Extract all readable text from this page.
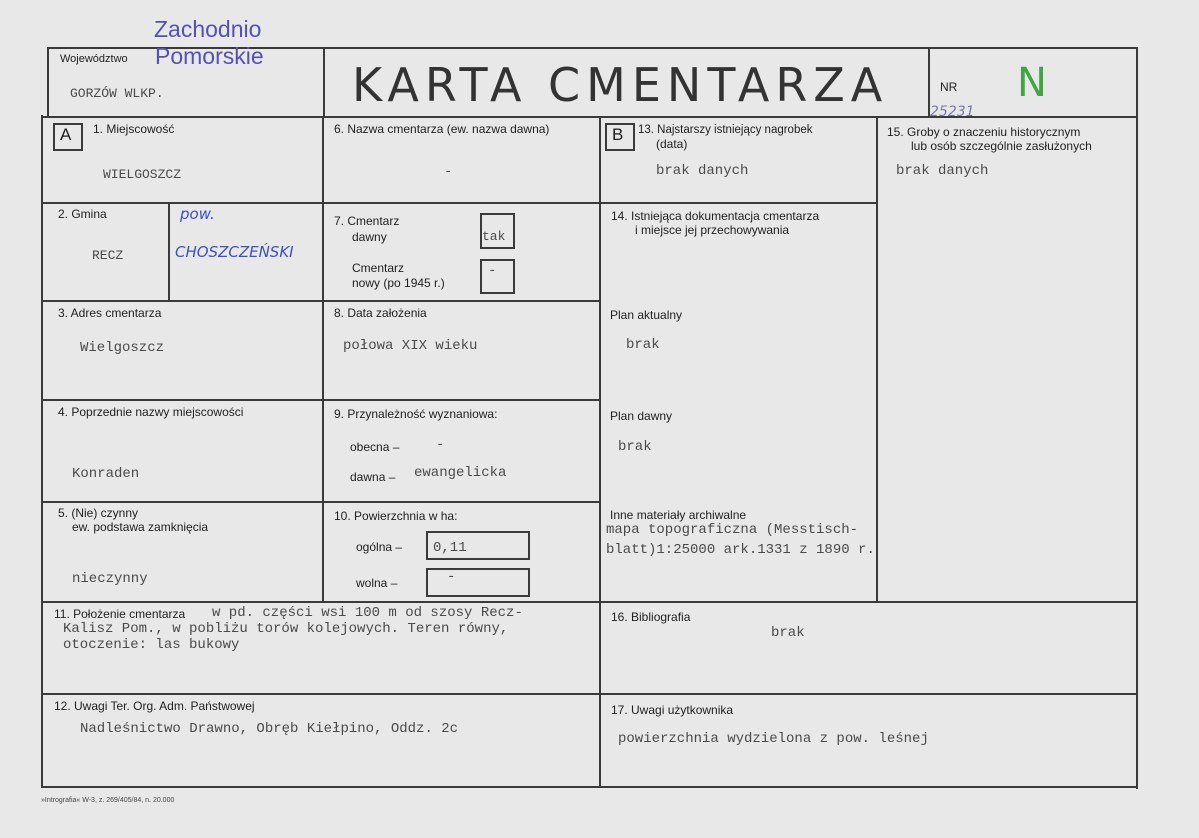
Zachodnio
Pomorskie
Województwo
GORZÓW WLKP.	KARTA CMENTARZA	NR N
25231
A 1. Miejscowość
WIELGOSZCZ
2. Gmina
RECZ
pow.
CHOSZCZEŃSKI
3. Adres cmentarza
Wielgoszcz
4. Poprzednie nazwy miejscowości
Konraden
5. (Nie) czynny
ew. podstawa zamknięcia
nieczynny
6. Nazwa cmentarza (ew. nazwa dawna)
-
7. Cmentarz
dawny	tak
Cmentarz
nowy (po 1945 r.)
-
8. Data założenia
połowa XIX wieku
9. Przynależność wyznaniowa:
obecna –	-
dawna – ewangelicka
10. Powierzchnia w ha:
ogólna – 0,11
wolna –	-
B 13. Najstarszy istniejący nagrobek
(data)
brak danych
14. Istniejąca dokumentacja cmentarza
i miejsce jej przechowywania
Plan aktualny
brak
Plan dawny
brak
Inne materiały archiwalne
mapa topograficzna (Messtisch-
blatt)1:25000 ark.1331 z 1890 r.
15. Groby o znaczeniu historycznym
lub osób szczególnie zasłużonych
brak danych
11. Położenie cmentarza w pd. części wsi 100 m od szosy Recz-
Kalisz Pom., w pobliżu torów kolejowych. Teren równy,
otoczenie: las bukowy
16. Bibliografia
brak
12. Uwagi Ter. Org. Adm. Państwowej
Nadleśnictwo Drawno, Obręb Kiełpino, Oddz. 2c
17. Uwagi użytkownika
powierzchnia wydzielona z pow. leśnej
»Intrografia« W-3, z. 269/405/84, n. 20.000
